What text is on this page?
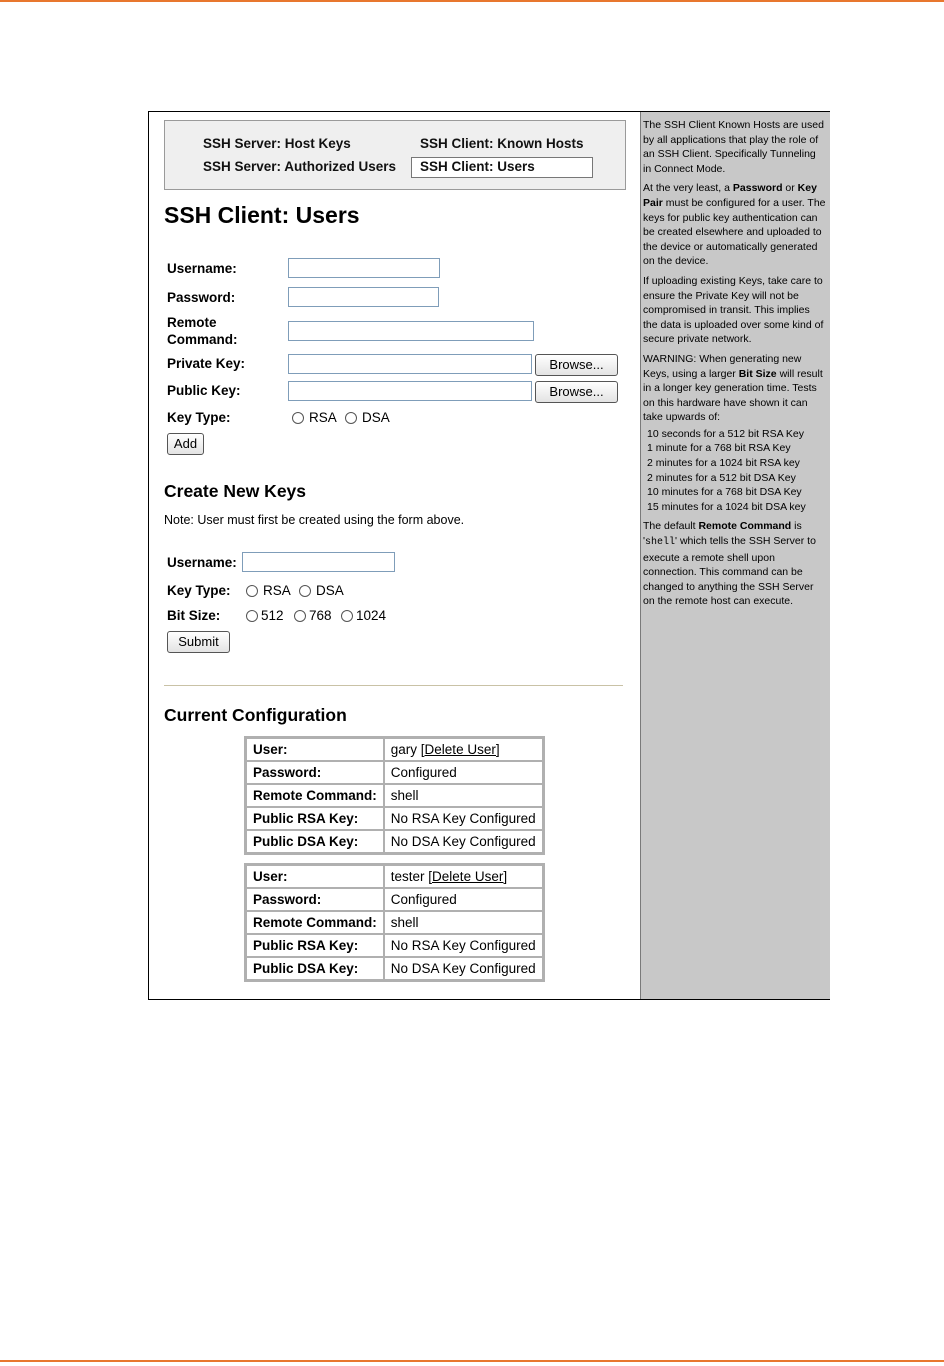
SSH Server: Host Keys
SSH Server: Authorized Users
SSH Client: Known Hosts
SSH Client: Users
SSH Client: Users
Username:
Password:
Remote
Command:
Private Key:	Browse...
Public Key:	Browse...
Key Type:	RSA DSA
Add
Create New Keys
Note: User must first be created using the form above.
Username:
Key Type: RSA DSA
Bit Size:	512 768 1024
Submit
Current Configuration
User:	gary [Delete User]
Password:	Configured
Remote Command:	shell
Public RSA Key:	No RSA Key Configured
Public DSA Key:	No DSA Key Configured
User:	tester [Delete User]
Password:	Configured
Remote Command:	shell
Public RSA Key:	No RSA Key Configured
Public DSA Key:	No DSA Key Configured

The SSH Client Known Hosts are used by all applications that play the role of an SSH Client. Specifically Tunneling in Connect Mode.

At the very least, a Password or Key Pair must be configured for a user. The keys for public key authentication can be created elsewhere and uploaded to the device or automatically generated on the device.

If uploading existing Keys, take care to ensure the Private Key will not be compromised in transit. This implies the data is uploaded over some kind of secure private network.

WARNING: When generating new Keys, using a larger Bit Size will result in a longer key generation time. Tests on this hardware have shown it can take upwards of:

10 seconds for a 512 bit RSA Key
1 minute for a 768 bit RSA Key
2 minutes for a 1024 bit RSA key
2 minutes for a 512 bit DSA Key
10 minutes for a 768 bit DSA Key
15 minutes for a 1024 bit DSA key

The default Remote Command is 'shell' which tells the SSH Server to execute a remote shell upon connection. This command can be changed to anything the SSH Server on the remote host can execute.
